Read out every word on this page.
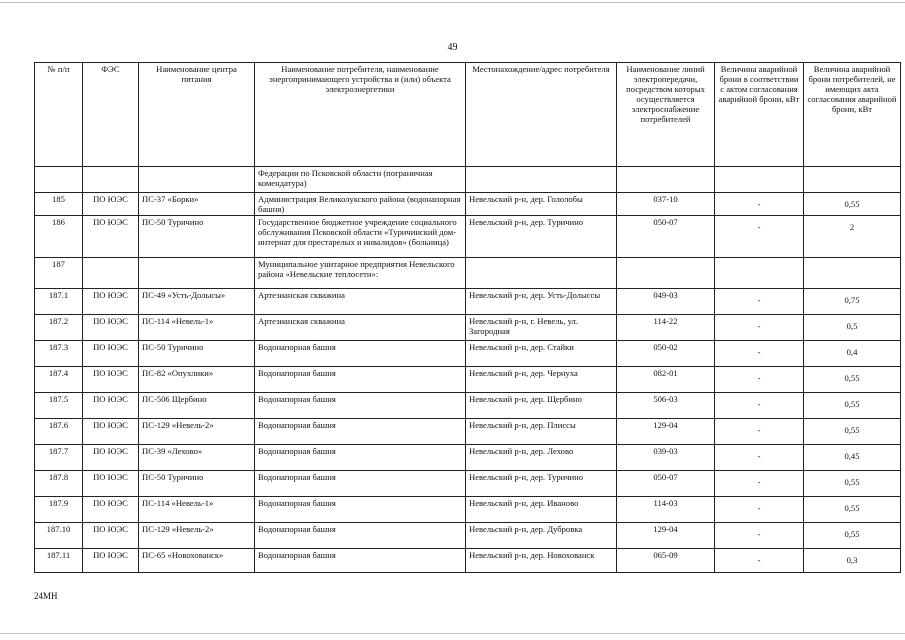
49
№ п/п	ФЭС	Наименование центра питания	Наименование потребителя, наименование энергопринимающего устройства и (или) объекта электроэнергетики	Местонахождение/адрес потребителя	Наименование линий электропередачи, посредством которых осуществляется электроснабжение потребителей	Величина аварийной брони в соответствии с актом согласования аварийной брони, кВт	Величина аварийной брони потребителей, не имеющих акта согласования аварийной брони, кВт
			Федерации по Псковской области (пограничная комендатура)				
185	ПО ЮЭС	ПС-37 «Борки»	Администрация Великолукского района (водонапорная башня)	Невельский р-н, дер. Гололобы	037-10	-	0,55
186	ПО ЮЭС	ПС-50 Туричино	Государственное бюджетное учреждение социального обслуживания Псковской области «Туричинский дом-интернат для престарелых и инвалидов» (больница)	Невельский р-н, дер. Туричино	050-07	-	2
187			Муниципальное унитарное предприятия Невельского района «Невельские теплосети»:				
187.1	ПО ЮЭС	ПС-49 «Усть-Долысы»	Артезианская скважина	Невельский р-н, дер. Усть-Долыссы	049-03	-	0,75
187.2	ПО ЮЭС	ПС-114 «Невель-1»	Артезианская скважина	Невельский р-н, г. Невель, ул. Загородная	114-22	-	0,5
187.3	ПО ЮЭС	ПС-50 Туричино	Водонапорная башня	Невельский р-н, дер. Стайки	050-02	-	0,4
187.4	ПО ЮЭС	ПС-82 «Опухлики»	Водонапорная башня	Невельский р-н, дер. Чернуха	082-01	-	0,55
187.5	ПО ЮЭС	ПС-506 Щербино	Водонапорная башня	Невельский р-н, дер. Щербино	506-03	-	0,55
187.6	ПО ЮЭС	ПС-129 «Невель-2»	Водонапорная башня	Невельский р-н, дер. Плиссы	129-04	-	0,55
187.7	ПО ЮЭС	ПС-39 «Лехово»	Водонапорная башня	Невельский р-н, дер. Лехово	039-03	-	0,45
187.8	ПО ЮЭС	ПС-50 Туричино	Водонапорная башня	Невельский р-н, дер. Туричино	050-07	-	0,55
187.9	ПО ЮЭС	ПС-114 «Невель-1»	Водонапорная башня	Невельский р-н, дер. Иваново	114-03	-	0,55
187.10	ПО ЮЭС	ПС-129 «Невель-2»	Водонапорная башня	Невельский р-н, дер. Дубровка	129-04	-	0,55
187.11	ПО ЮЭС	ПС-65 «Новохованск»	Водонапорная башня	Невельский р-н, дер. Новохованск	065-09	-	0,3
24МН
